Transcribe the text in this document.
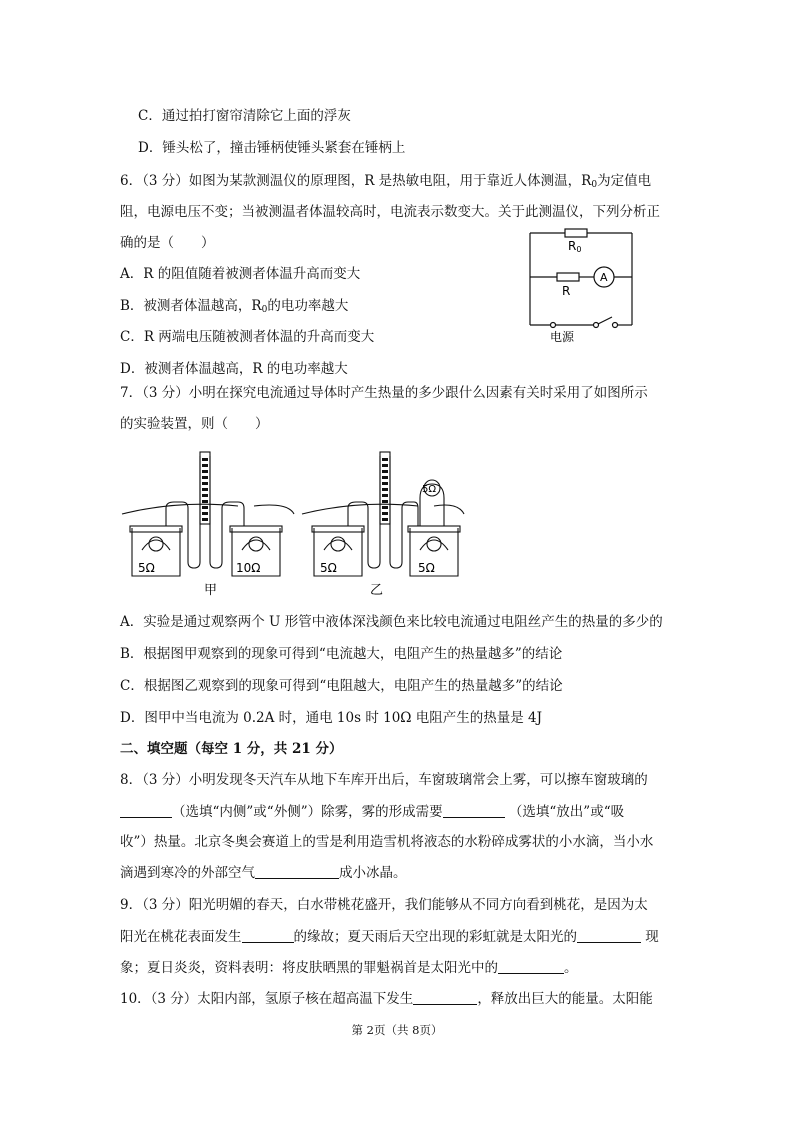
C．通过拍打窗帘清除它上面的浮灰
D．锤头松了，撞击锤柄使锤头紧套在锤柄上
6．（3 分）如图为某款测温仪的原理图，R 是热敏电阻，用于靠近人体测温，$R_0$为定值电
阻，电源电压不变；当被测温者体温较高时，电流表示数变大。关于此测温仪，下列分析正
确的是（　　）
A．R 的阻值随着被测者体温升高而变大
B．被测者体温越高，$R_0$的电功率越大
C．R 两端电压随被测者体温的升高而变大
D．被测者体温越高，R 的电功率越大
R0
R
A
电源
7．（3 分）小明在探究电流通过导体时产生热量的多少跟什么因素有关时采用了如图所示
的实验装置，则（　　）
5Ω	10Ω	5Ω	5Ω
5Ω
甲	乙
A．实验是通过观察两个 U 形管中液体深浅颜色来比较电流通过电阻丝产生的热量的多少的
B．根据图甲观察到的现象可得到“电流越大，电阻产生的热量越多”的结论
C．根据图乙观察到的现象可得到“电阻越大，电阻产生的热量越多”的结论
D．图甲中当电流为 0.2A 时，通电 10s 时 10Ω 电阻产生的热量是 4J
二、填空题（每空 1 分，共 21 分）
8．（3 分）小明发现冬天汽车从地下车库开出后，车窗玻璃常会上雾，可以擦车窗玻璃的
（选填“内侧”或“外侧”）除雾，雾的形成需要	（选填“放出”或“吸
收”）热量。北京冬奥会赛道上的雪是利用造雪机将液态的水粉碎成雾状的小水滴，当小水
滴遇到寒冷的外部空气	成小冰晶。
9．（3 分）阳光明媚的春天，白水带桃花盛开，我们能够从不同方向看到桃花，是因为太
阳光在桃花表面发生	的缘故；夏天雨后天空出现的彩虹就是太阳光的	现
象；夏日炎炎，资料表明：将皮肤晒黑的罪魁祸首是太阳光中的	。
10．（3 分）太阳内部，氢原子核在超高温下发生	，释放出巨大的能量。太阳能
第 2页（共 8页）
